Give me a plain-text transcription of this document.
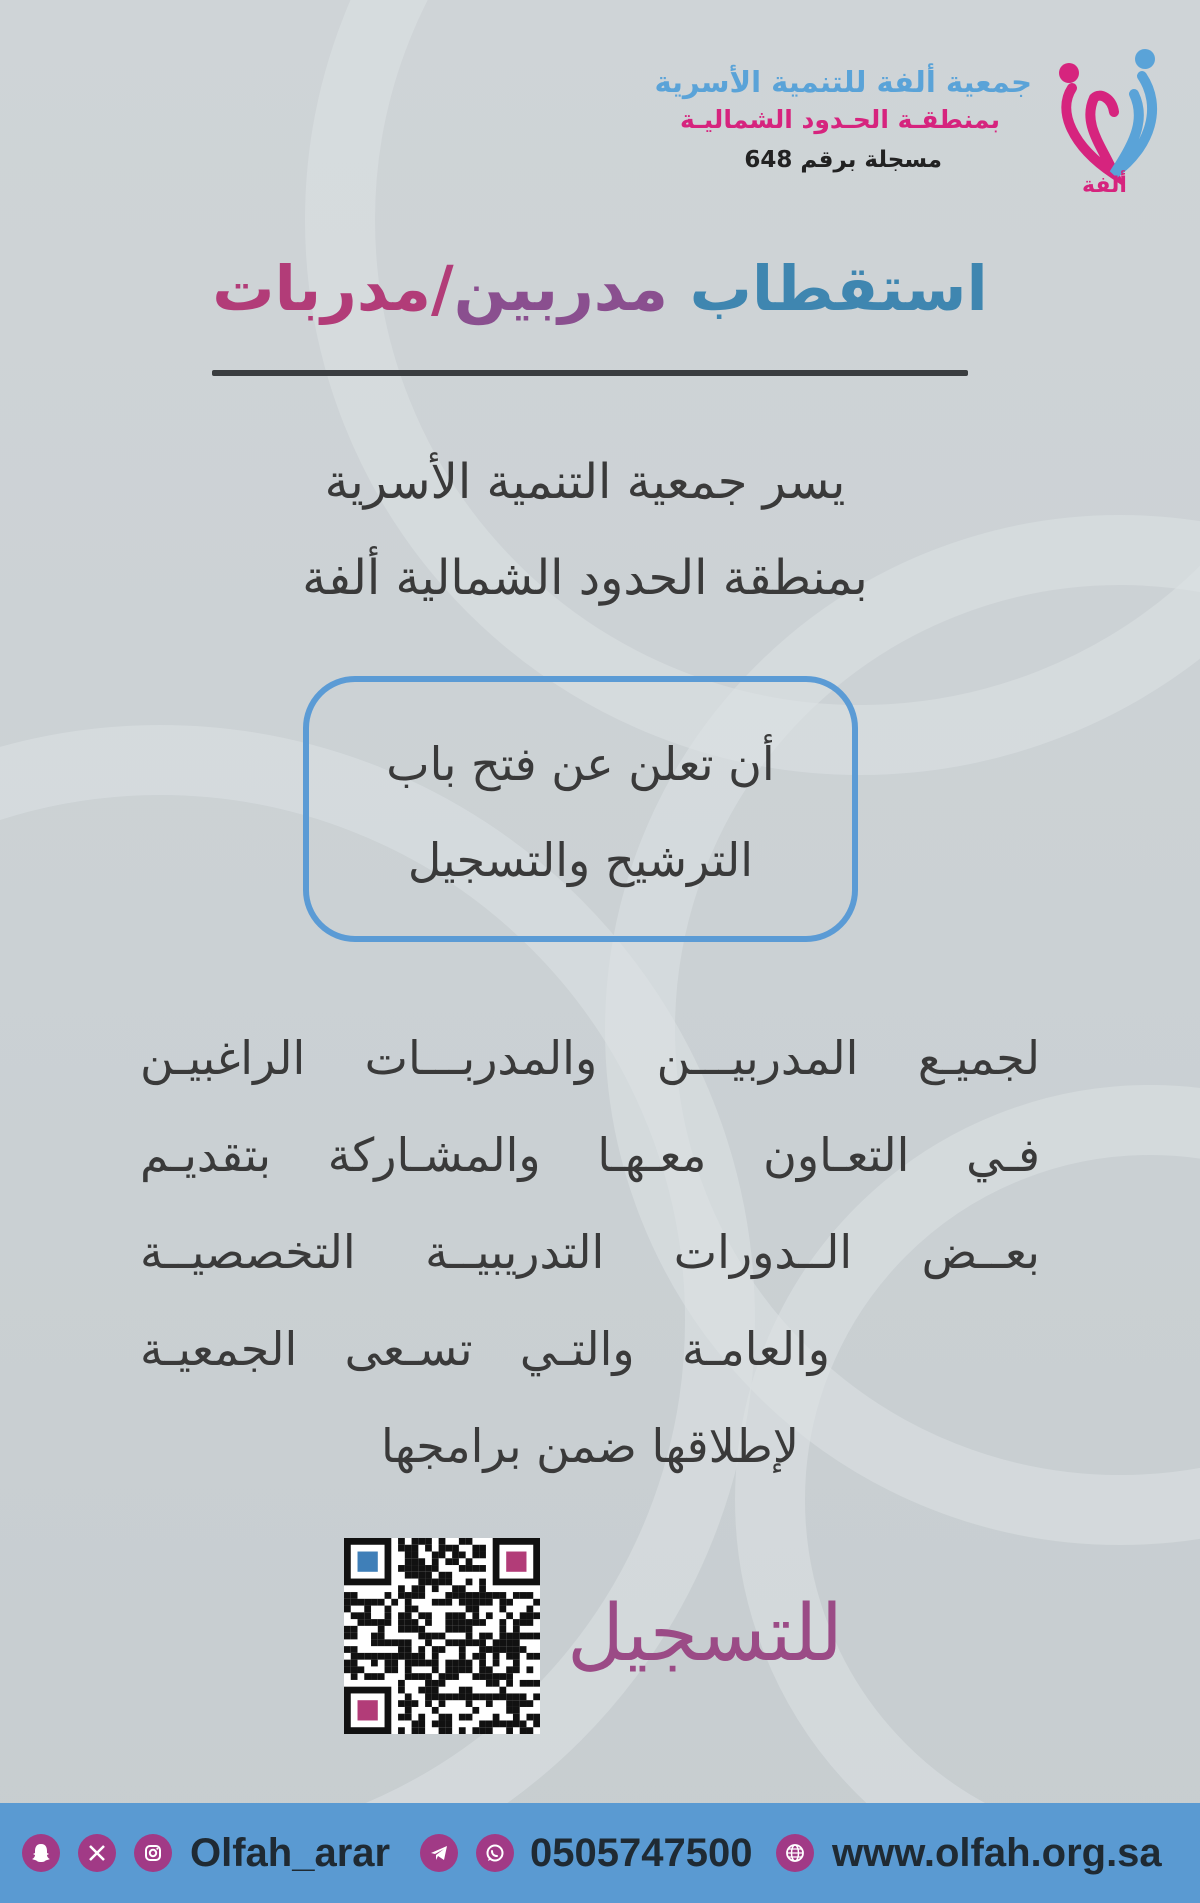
جمعية ألفة للتنمية الأسرية

بمنطقـة الحـدود الشماليـة

مسجلة برقم 648

ألفة
استقطاب مدربين/مدربات

يسر جمعية التنمية الأسرية

بمنطقة الحدود الشمالية ألفة

أن تعلن عن فتح باب

الترشيح والتسجيل

لجميـع المدربيـــن والمدربـــات الراغبيـن

فـي التعـاون معـهـا والمشـاركة بتقديـم

بعــض الــدورات التدريبيــة التخصصيــة

والعامـة والتـي تسـعى الجمعيـة

لإطلاقها ضمن برامجها

للتسجيل
Olfah_arar	0505747500 www.olfah.org.sa
